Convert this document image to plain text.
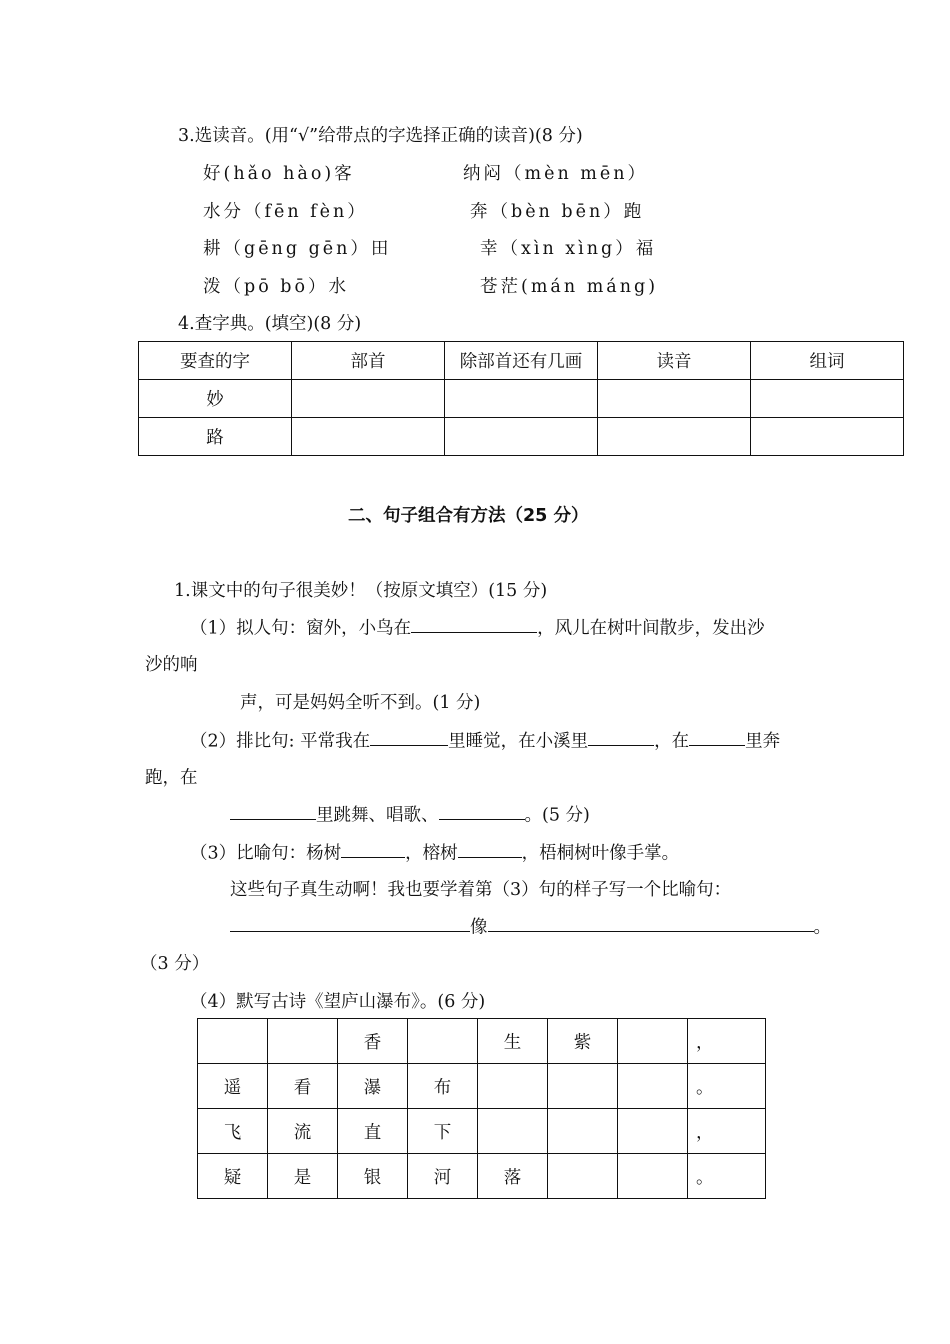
3.选读音。(用“√”给带点的字选择正确的读音)(8 分)
好(hǎo hào)客	纳闷（mèn mēn）
水分（fēn fèn）	奔（bèn bēn）跑
耕（gēng gēn）田	幸（xìn xìng）福
泼（pō bō）水	苍茫(mán máng)
4.查字典。(填空)(8 分)
要查的字	部首	除部首还有几画	读音	组词
妙				
路				
二、句子组合有方法（25 分）
1.课文中的句子很美妙！（按原文填空）(15 分)
（1）拟人句：窗外，小鸟在	，风儿在树叶间散步，发出沙
沙的响
声，可是妈妈全听不到。(1 分)
（2）排比句: 平常我在	里睡觉，在小溪里	，在	里奔
跑，在
里跳舞、唱歌、	。(5 分)
（3）比喻句：杨树	，榕树	，梧桐树叶像手掌。
这些句子真生动啊！我也要学着第（3）句的样子写一个比喻句：
像	。
（3 分）
（4）默写古诗《望庐山瀑布》。(6 分)
		香		生	紫		，
遥	看	瀑	布				。
飞	流	直	下				，
疑	是	银	河	落			。
